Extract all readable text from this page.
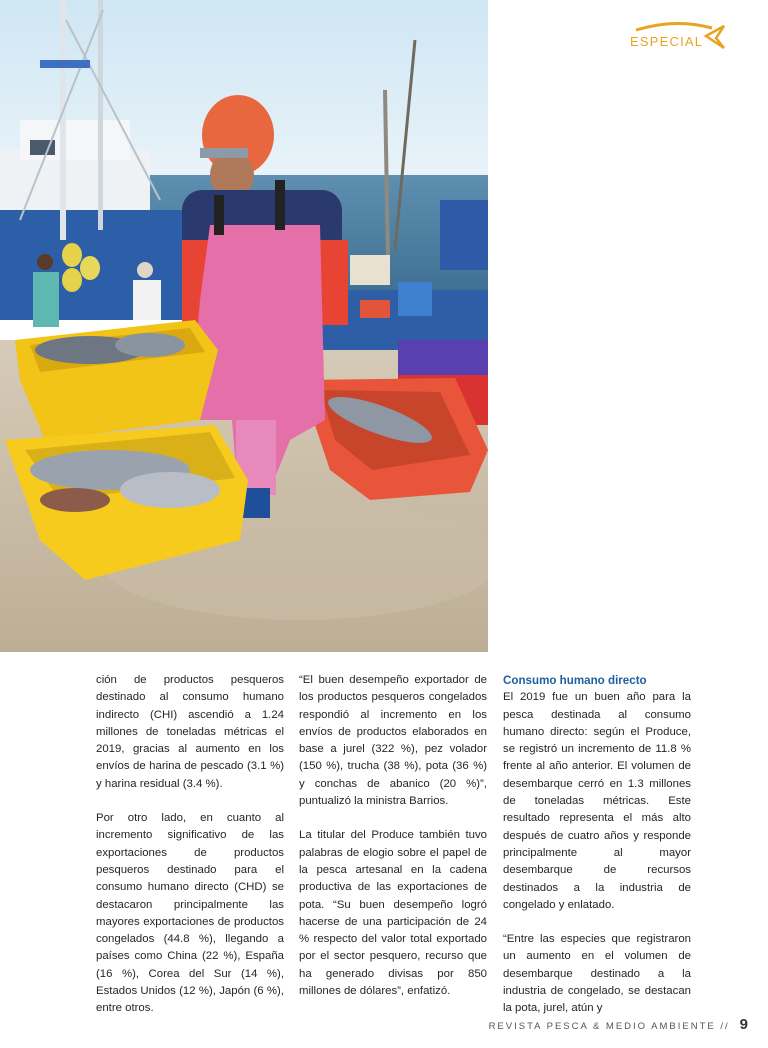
ESPECIAL

ción de productos pesqueros destinado al consumo humano indirecto (CHI) ascendió a 1.24 millones de toneladas métricas el 2019, gracias al aumento en los envíos de harina de pescado (3.1 %) y harina residual (3.4 %).

Por otro lado, en cuanto al incremento significativo de las exportaciones de productos pesqueros destinado para el consumo humano directo (CHD) se destacaron principalmente las mayores exportaciones de productos congelados (44.8 %), llegando a países como China (22 %), España (16 %), Corea del Sur (14 %), Estados Unidos (12 %), Japón (6 %), entre otros.

“El buen desempeño exportador de los productos pesqueros congelados respondió al incremento en los envíos de productos elaborados en base a jurel (322 %), pez volador (150 %), trucha (38 %), pota (36 %) y conchas de abanico (20 %)”, puntualizó la ministra Barrios.

La titular del Produce también tuvo palabras de elogio sobre el papel de la pesca artesanal en la cadena productiva de las exportaciones de pota. “Su buen desempeño logró hacerse de una participación de 24 % respecto del valor total exportado por el sector pesquero, recurso que ha generado divisas por 850 millones de dólares”, enfatizó.

Consumo humano directo

El 2019 fue un buen año para la pesca destinada al consumo humano directo: según el Produce, se registró un incremento de 11.8 % frente al año anterior. El volumen de desembarque cerró en 1.3 millones de toneladas métricas. Este resultado representa el más alto después de cuatro años y responde principalmente al mayor desembarque de recursos destinados a la industria de congelado y enlatado.

“Entre las especies que registraron un aumento en el volumen de desembarque destinado a la industria de congelado, se destacan la pota, jurel, atún y

REVISTA PESCA & MEDIO AMBIENTE // 9
